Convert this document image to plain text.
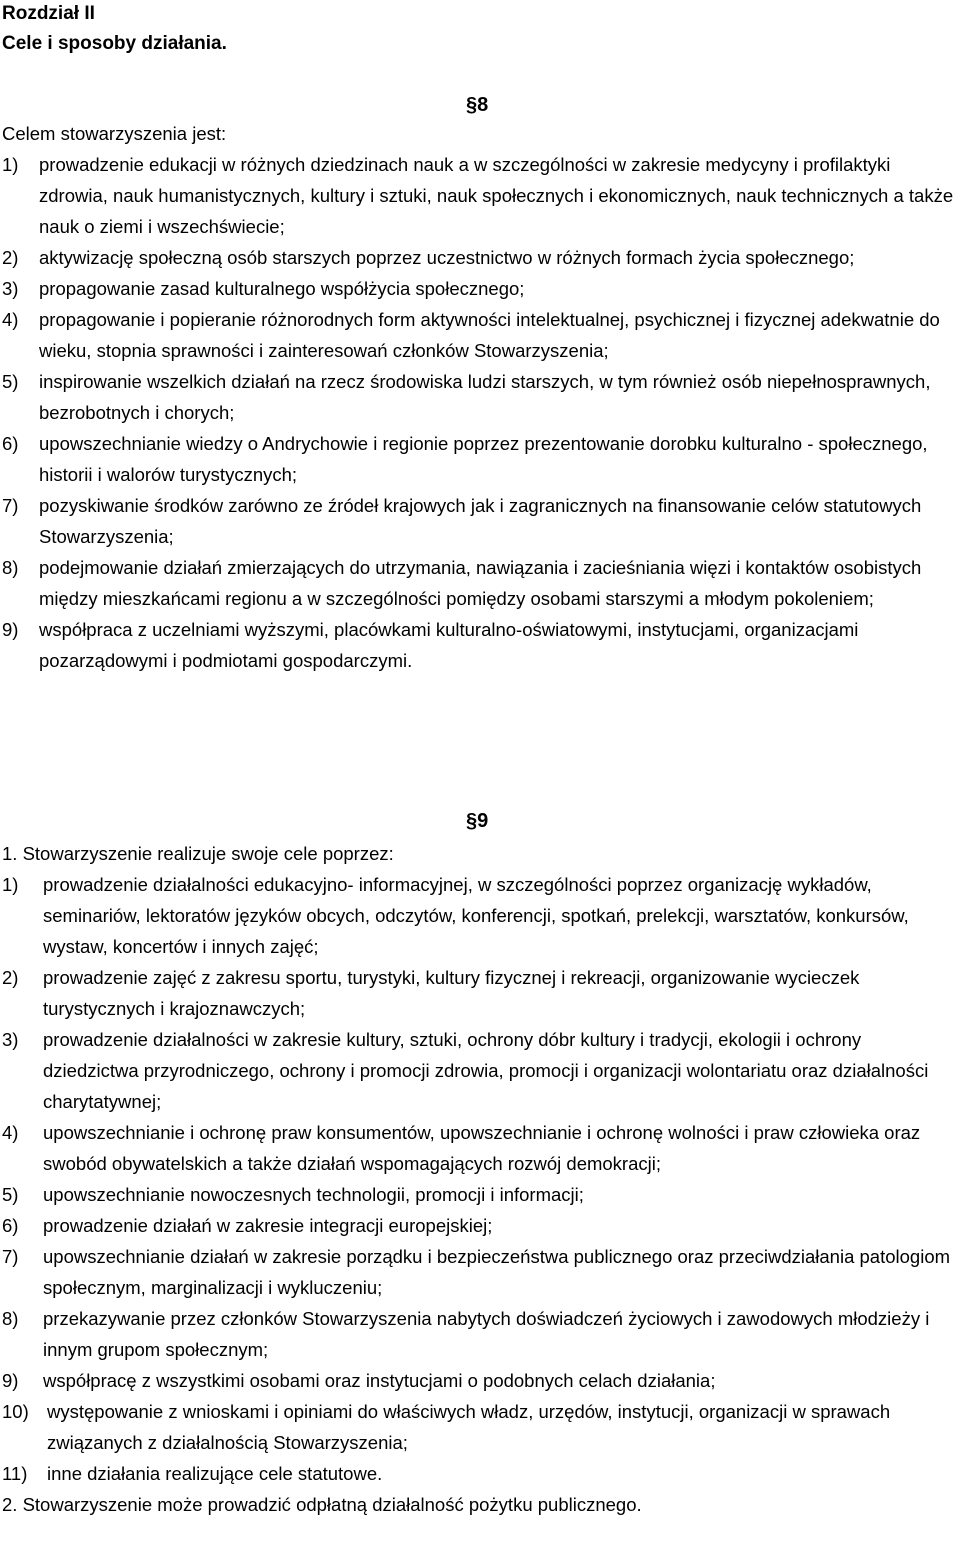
Rozdział II

Cele i sposoby działania.

§8

Celem stowarzyszenia jest:

1)	prowadzenie edukacji w różnych dziedzinach nauk a w szczególności w zakresie medycyny i profilaktyki zdrowia, nauk humanistycznych, kultury i sztuki, nauk społecznych i ekonomicznych, nauk technicznych a także nauk o ziemi i wszechświecie;
2)	aktywizację społeczną osób starszych poprzez uczestnictwo w różnych formach życia społecznego;
3)	propagowanie zasad kulturalnego współżycia społecznego;
4)	propagowanie i popieranie różnorodnych form aktywności intelektualnej, psychicznej i fizycznej adekwatnie do wieku, stopnia sprawności i zainteresowań członków Stowarzyszenia;
5)	inspirowanie wszelkich działań na rzecz środowiska ludzi starszych, w tym również osób niepełnosprawnych, bezrobotnych i chorych;
6)	upowszechnianie wiedzy o Andrychowie i regionie poprzez prezentowanie dorobku kulturalno - społecznego, historii i walorów turystycznych;
7)	pozyskiwanie środków zarówno ze źródeł krajowych jak i zagranicznych na finansowanie celów statutowych Stowarzyszenia;
8)	podejmowanie działań zmierzających do utrzymania, nawiązania i zacieśniania więzi i kontaktów osobistych między mieszkańcami regionu a w szczególności pomiędzy osobami starszymi a młodym pokoleniem;
9)	współpraca z uczelniami wyższymi, placówkami kulturalno-oświatowymi, instytucjami, organizacjami pozarządowymi i podmiotami gospodarczymi.
§9

1. Stowarzyszenie realizuje swoje cele poprzez:

1)	prowadzenie działalności edukacyjno- informacyjnej, w szczególności poprzez organizację wykładów, seminariów, lektoratów języków obcych, odczytów, konferencji, spotkań, prelekcji, warsztatów, konkursów, wystaw, koncertów i innych zajęć;
2)	prowadzenie zajęć z zakresu sportu, turystyki, kultury fizycznej i rekreacji, organizowanie wycieczek turystycznych i krajoznawczych;
3)	prowadzenie działalności w zakresie kultury, sztuki, ochrony dóbr kultury i tradycji, ekologii i ochrony dziedzictwa przyrodniczego, ochrony i promocji zdrowia, promocji i organizacji wolontariatu oraz działalności charytatywnej;
4)	upowszechnianie i ochronę praw konsumentów, upowszechnianie i ochronę wolności i praw człowieka oraz swobód obywatelskich a także działań wspomagających rozwój demokracji;
5)	upowszechnianie nowoczesnych technologii, promocji i informacji;
6)	prowadzenie działań w zakresie integracji europejskiej;
7)	upowszechnianie działań w zakresie porządku i bezpieczeństwa publicznego oraz przeciwdziałania patologiom społecznym, marginalizacji i wykluczeniu;
8)	przekazywanie przez członków Stowarzyszenia nabytych doświadczeń życiowych i zawodowych młodzieży i innym grupom społecznym;
9)	współpracę z wszystkimi osobami oraz instytucjami o podobnych celach działania;
10) występowanie z wnioskami i opiniami do właściwych władz, urzędów, instytucji, organizacji w sprawach związanych z działalnością Stowarzyszenia;
11)	inne działania realizujące cele statutowe.

2. Stowarzyszenie może prowadzić odpłatną działalność pożytku publicznego.
